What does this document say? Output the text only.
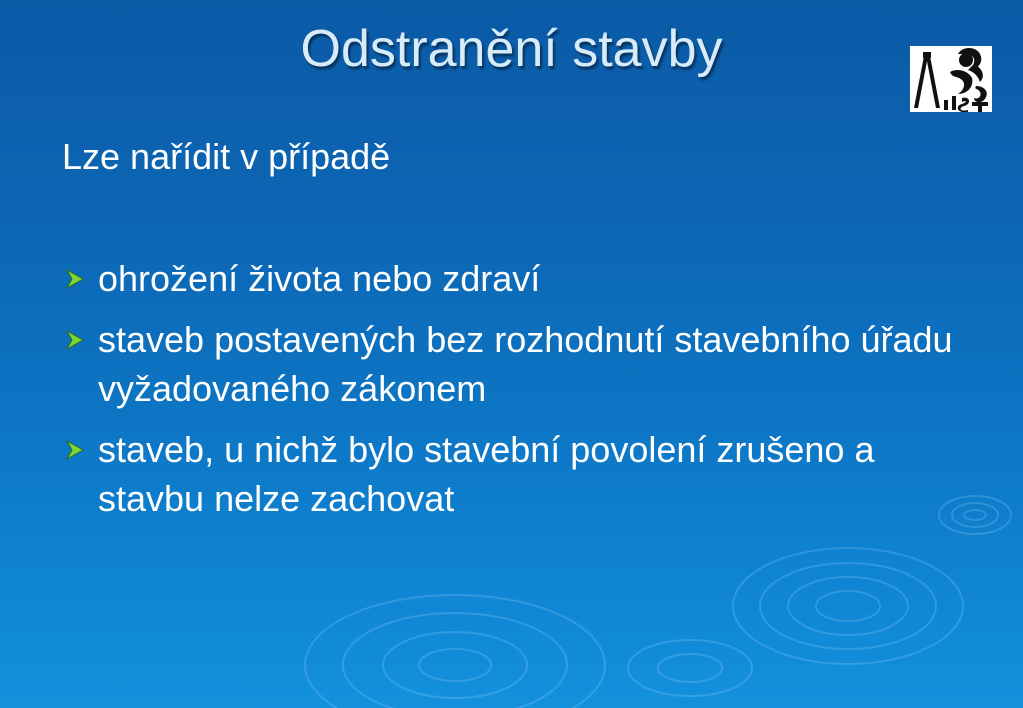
Odstranění stavby
Lze nařídit v případě
ohrožení života nebo zdraví
staveb postavených bez rozhodnutí stavebního úřadu vyžadovaného zákonem
staveb, u nichž bylo stavební povolení zrušeno a stavbu nelze zachovat
